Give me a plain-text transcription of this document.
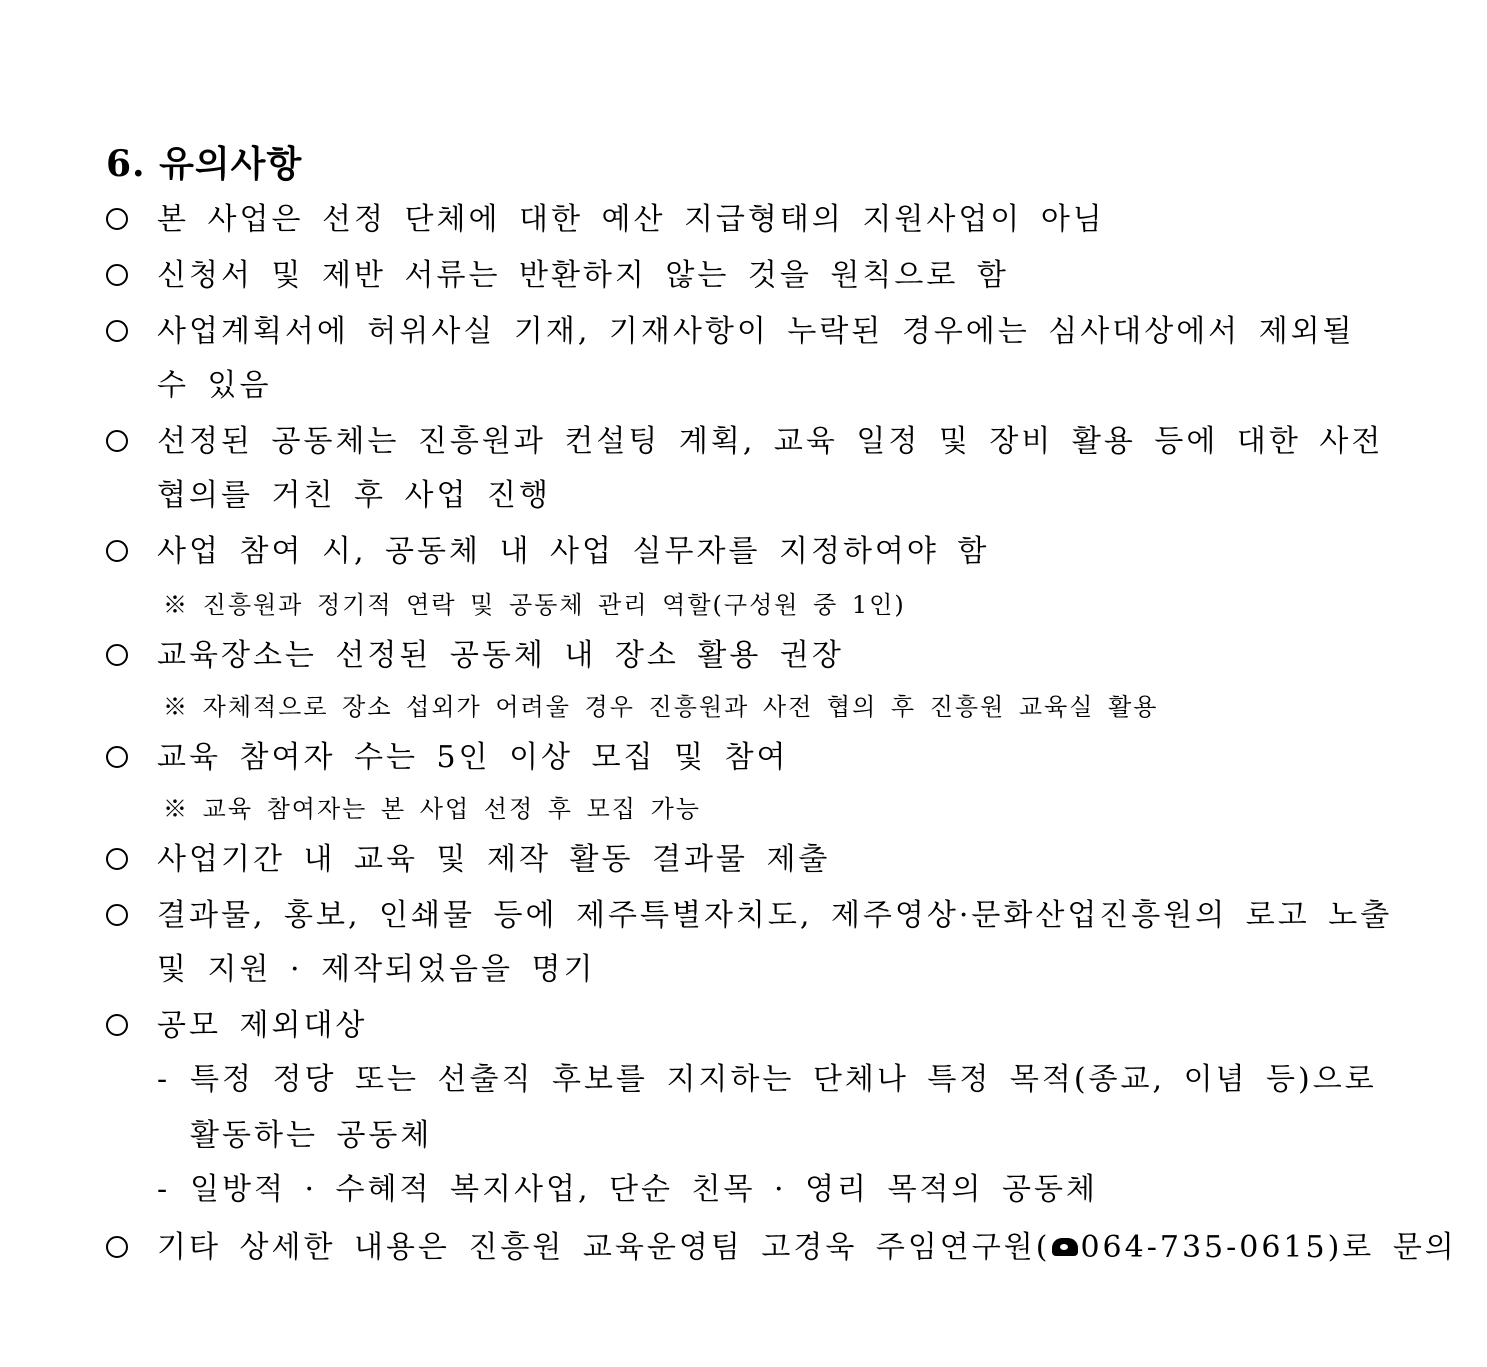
6. 유의사항
본 사업은 선정 단체에 대한 예산 지급형태의 지원사업이 아님
신청서 및 제반 서류는 반환하지 않는 것을 원칙으로 함
사업계획서에 허위사실 기재, 기재사항이 누락된 경우에는 심사대상에서 제외될
수 있음
선정된 공동체는 진흥원과 컨설팅 계획, 교육 일정 및 장비 활용 등에 대한 사전
협의를 거친 후 사업 진행
사업 참여 시, 공동체 내 사업 실무자를 지정하여야 함
※ 진흥원과 정기적 연락 및 공동체 관리 역할(구성원 중 1인)
교육장소는 선정된 공동체 내 장소 활용 권장
※ 자체적으로 장소 섭외가 어려울 경우 진흥원과 사전 협의 후 진흥원 교육실 활용
교육 참여자 수는 5인 이상 모집 및 참여
※ 교육 참여자는 본 사업 선정 후 모집 가능
사업기간 내 교육 및 제작 활동 결과물 제출
결과물, 홍보, 인쇄물 등에 제주특별자치도, 제주영상·문화산업진흥원의 로고 노출
및 지원 · 제작되었음을 명기
공모 제외대상
- 특정 정당 또는 선출직 후보를 지지하는 단체나 특정 목적(종교, 이념 등)으로
활동하는 공동체
- 일방적 · 수혜적 복지사업, 단순 친목 · 영리 목적의 공동체
기타 상세한 내용은 진흥원 교육운영팀 고경욱 주임연구원( 064-735-0615)로 문의
